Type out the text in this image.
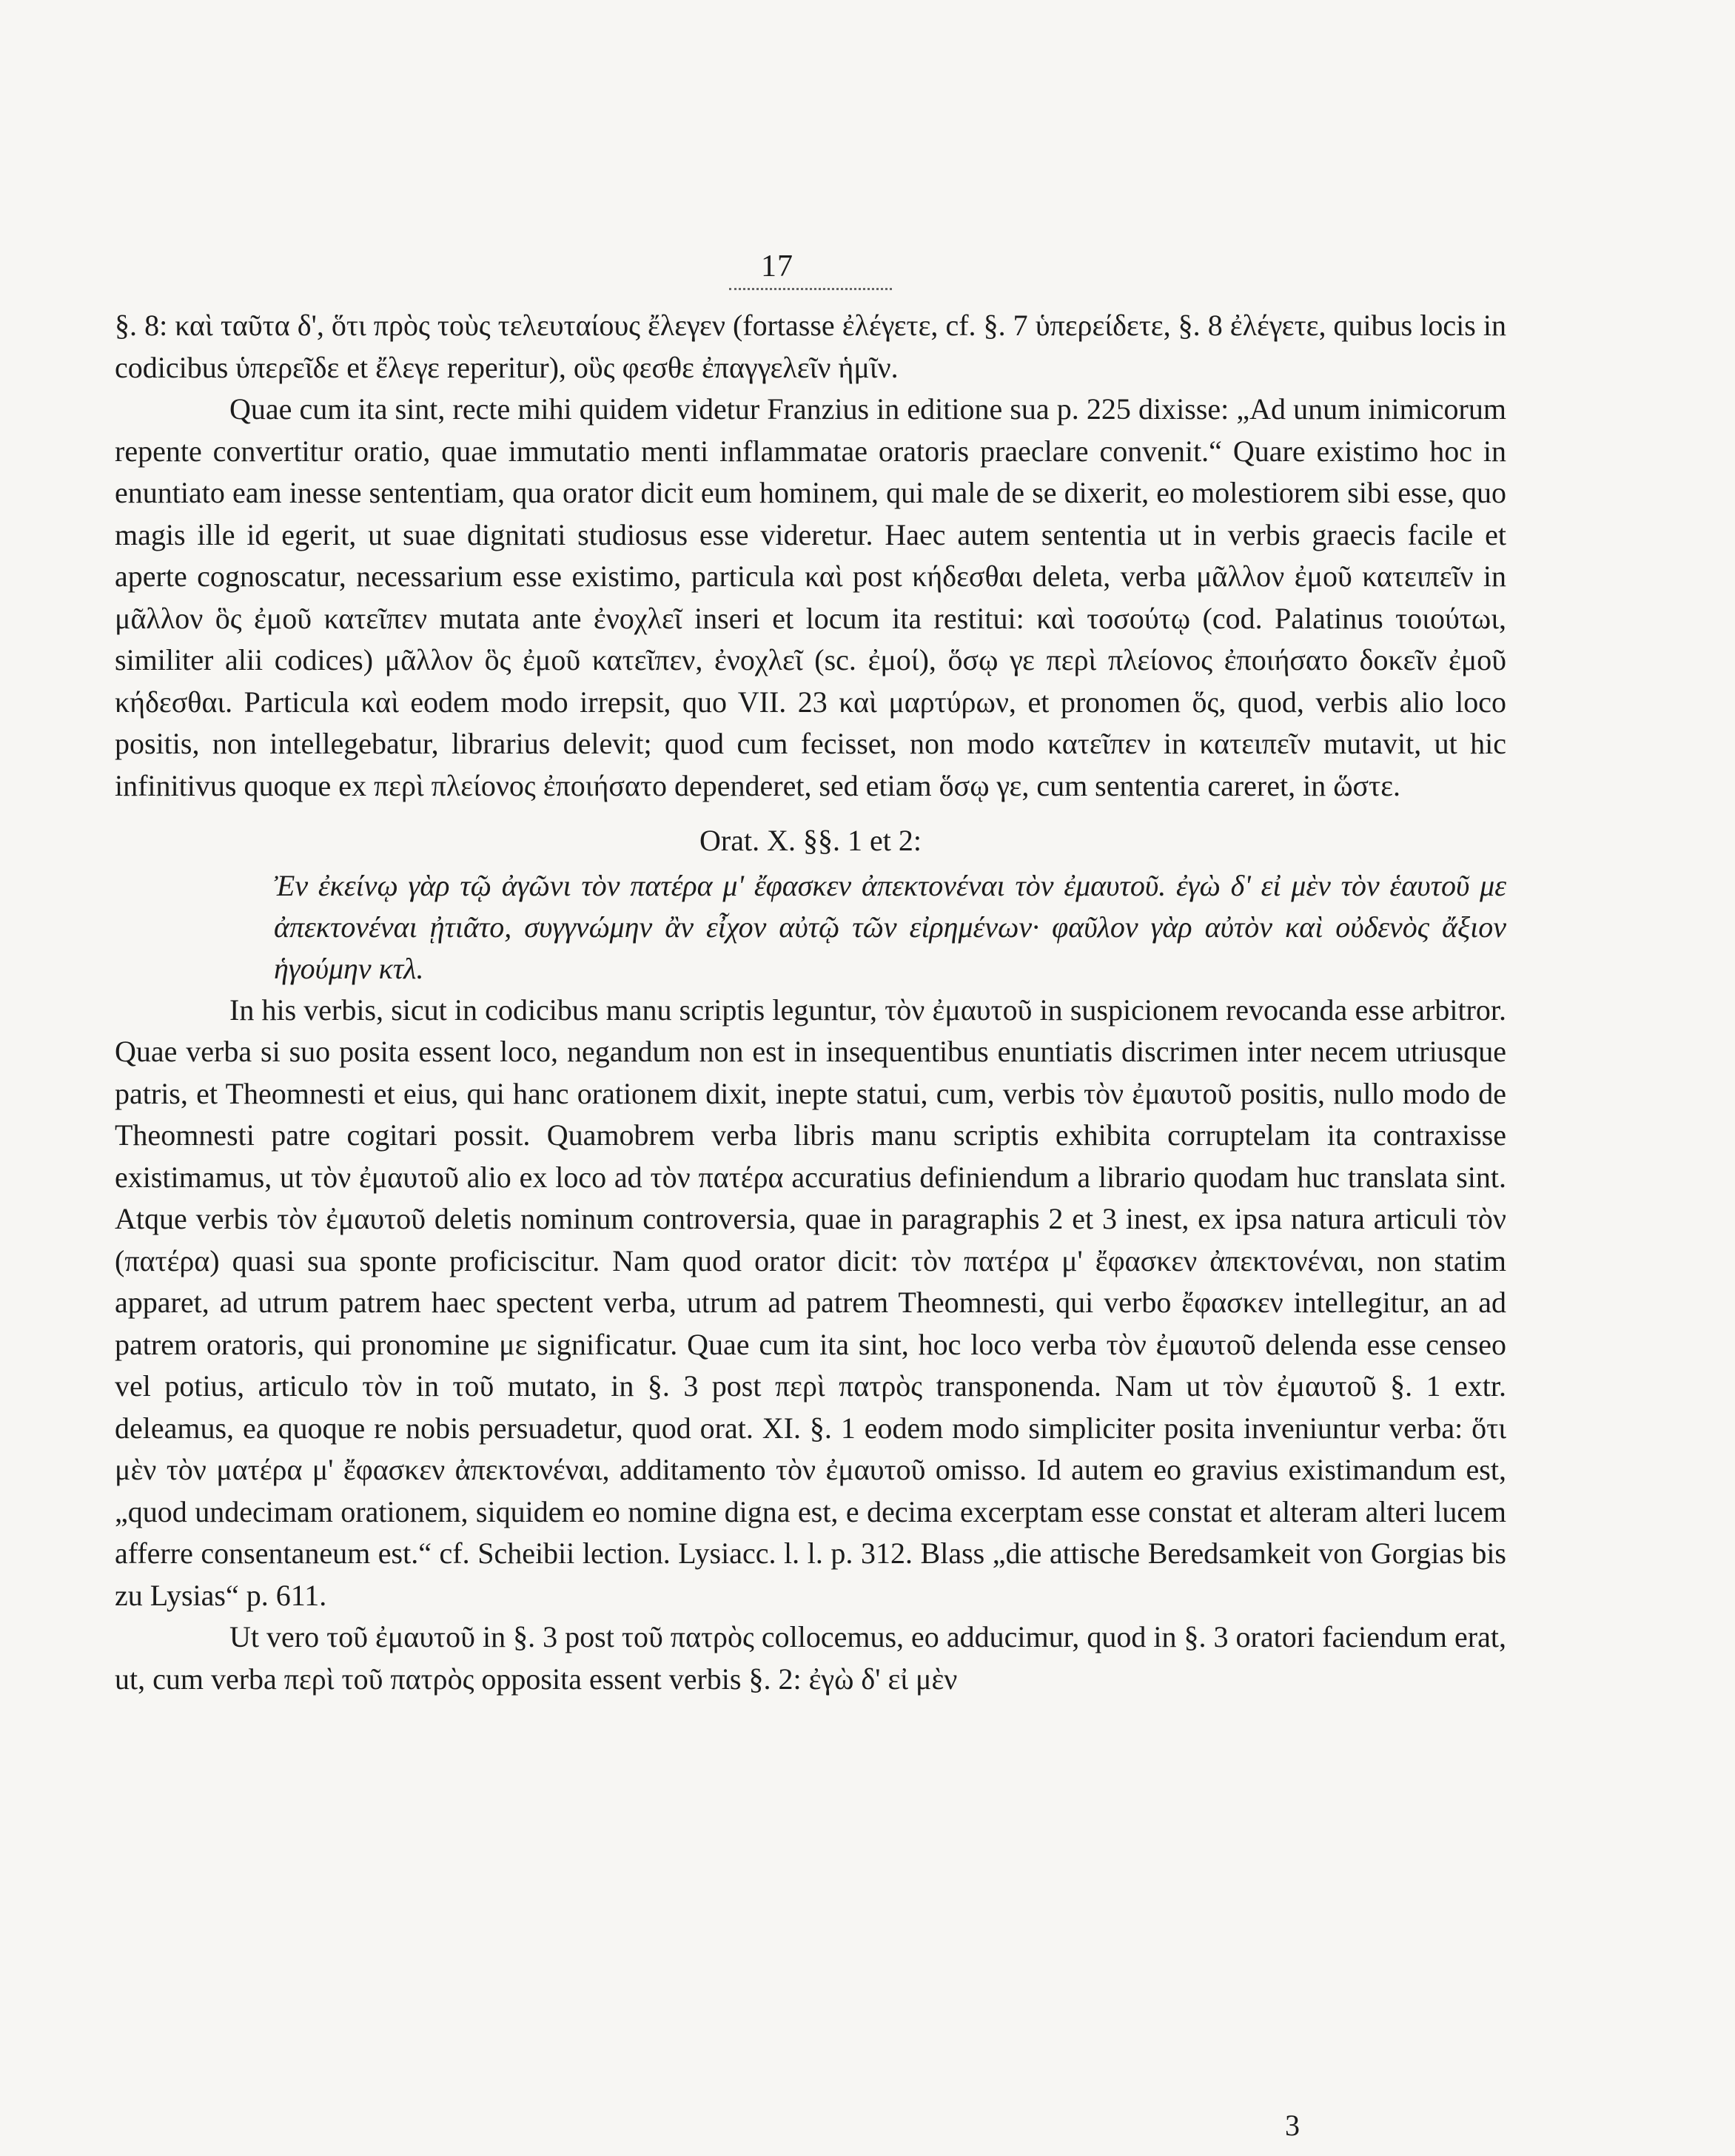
17

§. 8: καὶ ταῦτα δ', ὅτι πρὸς τοὺς τελευταίους ἔλεγεν (fortasse ἐλέγετε, cf. §. 7 ὑπερείδετε, §. 8 ἐλέγετε, quibus locis in codicibus ὑπερεῖδε et ἔλεγε reperitur), οὓς φεσθε ἐπαγγελεῖν ἡμῖν.

Quae cum ita sint, recte mihi quidem videtur Franzius in editione sua p. 225 dixisse: „Ad unum inimicorum repente convertitur oratio, quae immutatio menti inflammatae oratoris praeclare convenit.“ Quare existimo hoc in enuntiato eam inesse sententiam, qua orator dicit eum hominem, qui male de se dixerit, eo molestiorem sibi esse, quo magis ille id egerit, ut suae dignitati studiosus esse videretur. Haec autem sententia ut in verbis graecis facile et aperte cognoscatur, necessarium esse existimo, particula καὶ post κήδεσθαι deleta, verba μᾶλλον ἐμοῦ κατειπεῖν in μᾶλλον ὃς ἐμοῦ κατεῖπεν mutata ante ἐνοχλεῖ inseri et locum ita restitui: καὶ τοσούτῳ (cod. Palatinus τοιούτωι, similiter alii codices) μᾶλλον ὃς ἐμοῦ κατεῖπεν, ἐνοχλεῖ (sc. ἐμοί), ὅσῳ γε περὶ πλείονος ἐποιήσατο δοκεῖν ἐμοῦ κήδεσθαι. Particula καὶ eodem modo irrepsit, quo VII. 23 καὶ μαρτύρων, et pronomen ὅς, quod, verbis alio loco positis, non intellegebatur, librarius delevit; quod cum fecisset, non modo κατεῖπεν in κατειπεῖν mutavit, ut hic infinitivus quoque ex περὶ πλείονος ἐποιήσατο dependeret, sed etiam ὅσῳ γε, cum sententia careret, in ὥστε.

Orat. X. §§. 1 et 2:

Ἐν ἐκείνῳ γὰρ τῷ ἀγῶνι τὸν πατέρα μ' ἔφασκεν ἀπεκτονέναι τὸν ἐμαυτοῦ. ἐγὼ δ' εἰ μὲν τὸν ἑαυτοῦ με ἀπεκτονέναι ᾐτιᾶτο, συγγνώμην ἂν εἶχον αὐτῷ τῶν εἰρημένων· φαῦλον γὰρ αὐτὸν καὶ οὐδενὸς ἄξιον ἡγούμην κτλ.

In his verbis, sicut in codicibus manu scriptis leguntur, τὸν ἐμαυτοῦ in suspicionem revocanda esse arbitror. Quae verba si suo posita essent loco, negandum non est in insequentibus enuntiatis discrimen inter necem utriusque patris, et Theomnesti et eius, qui hanc orationem dixit, inepte statui, cum, verbis τὸν ἐμαυτοῦ positis, nullo modo de Theomnesti patre cogitari possit. Quamobrem verba libris manu scriptis exhibita corruptelam ita contraxisse existimamus, ut τὸν ἐμαυτοῦ alio ex loco ad τὸν πατέρα accuratius definiendum a librario quodam huc translata sint. Atque verbis τὸν ἐμαυτοῦ deletis nominum controversia, quae in paragraphis 2 et 3 inest, ex ipsa natura articuli τὸν (πατέρα) quasi sua sponte proficiscitur. Nam quod orator dicit: τὸν πατέρα μ' ἔφασκεν ἀπεκτονέναι, non statim apparet, ad utrum patrem haec spectent verba, utrum ad patrem Theomnesti, qui verbo ἔφασκεν intellegitur, an ad patrem oratoris, qui pronomine με significatur. Quae cum ita sint, hoc loco verba τὸν ἐμαυτοῦ delenda esse censeo vel potius, articulo τὸν in τοῦ mutato, in §. 3 post περὶ πατρὸς transponenda. Nam ut τὸν ἐμαυτοῦ §. 1 extr. deleamus, ea quoque re nobis persuadetur, quod orat. XI. §. 1 eodem modo simpliciter posita inveniuntur verba: ὅτι μὲν τὸν ματέρα μ' ἔφασκεν ἀπεκτονέναι, additamento τὸν ἐμαυτοῦ omisso. Id autem eo gravius existimandum est, „quod undecimam orationem, siquidem eo nomine digna est, e decima excerptam esse constat et alteram alteri lucem afferre consentaneum est.“ cf. Scheibii lection. Lysiacc. l. l. p. 312. Blass „die attische Beredsamkeit von Gorgias bis zu Lysias“ p. 611.

Ut vero τοῦ ἐμαυτοῦ in §. 3 post τοῦ πατρὸς collocemus, eo adducimur, quod in §. 3 oratori faciendum erat, ut, cum verba περὶ τοῦ πατρὸς opposita essent verbis §. 2: ἐγὼ δ' εἰ μὲν

3
